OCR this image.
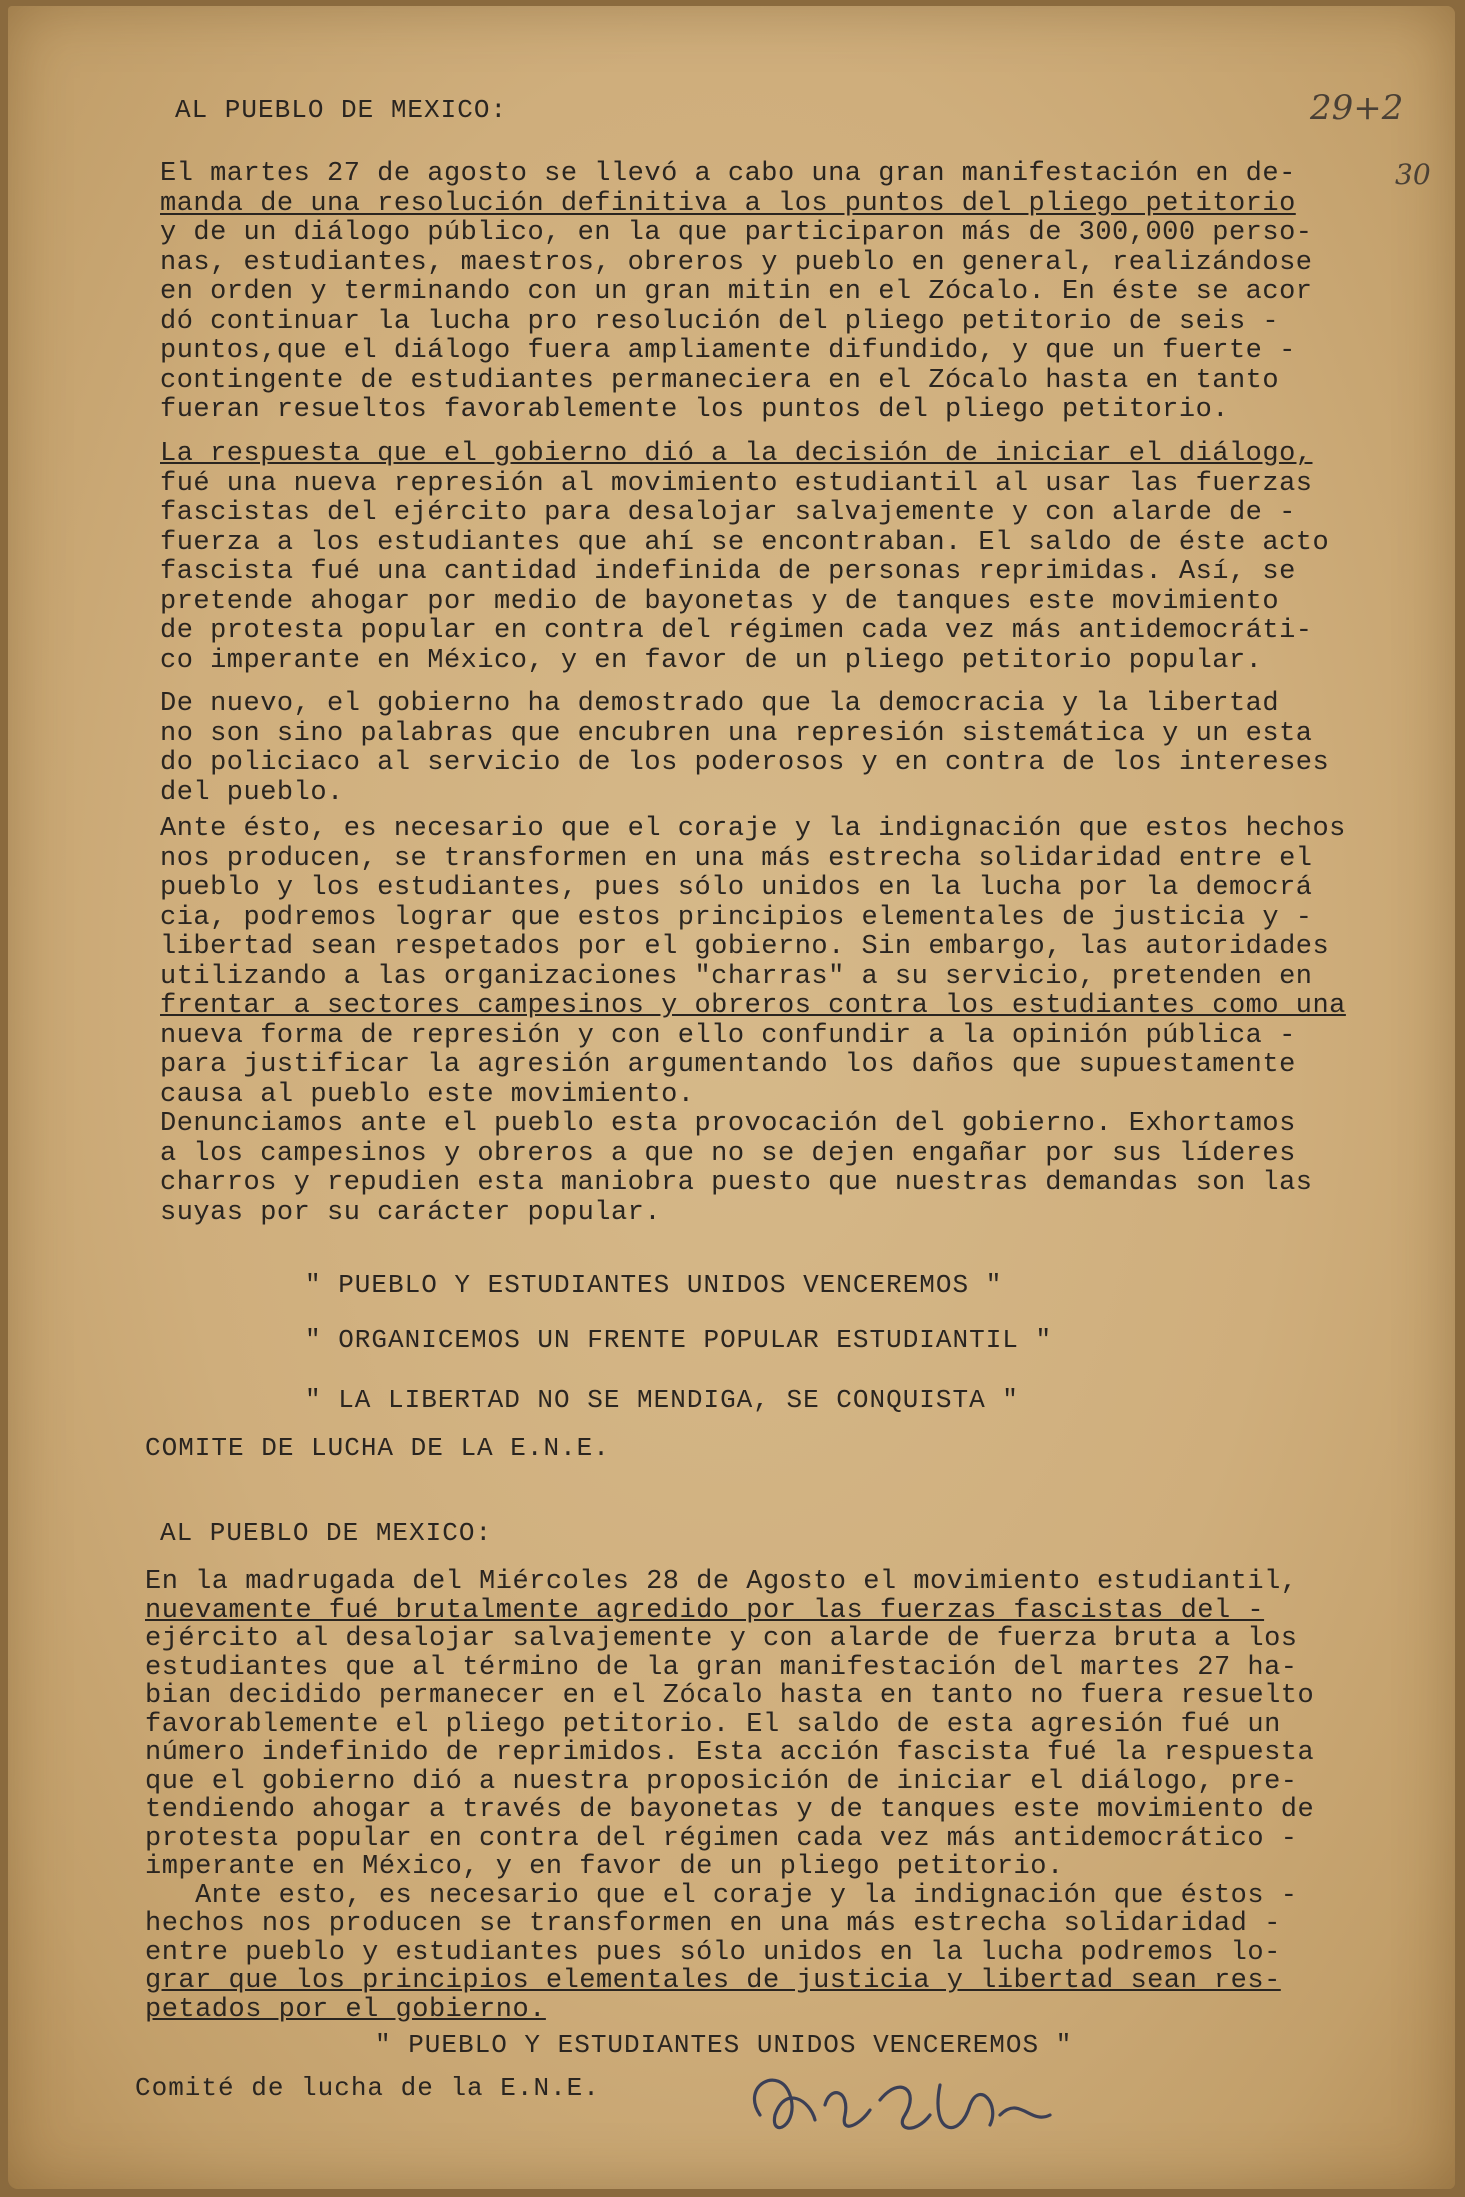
29+2
30
AL PUEBLO DE MEXICO:
El martes 27 de agosto se llevó a cabo una gran manifestación en de-
manda de una resolución definitiva a los puntos del pliego petitorio
y de un diálogo público, en la que participaron más de 300,000 perso-
nas, estudiantes, maestros, obreros y pueblo en general, realizándose
en orden y terminando con un gran mitin en el Zócalo. En éste se acor
dó continuar la lucha pro resolución del pliego petitorio de seis -
puntos,que el diálogo fuera ampliamente difundido, y que un fuerte -
contingente de estudiantes permaneciera en el Zócalo hasta en tanto
fueran resueltos favorablemente los puntos del pliego petitorio.
La respuesta que el gobierno dió a la decisión de iniciar el diálogo,
fué una nueva represión al movimiento estudiantil al usar las fuerzas
fascistas del ejército para desalojar salvajemente y con alarde de -
fuerza a los estudiantes que ahí se encontraban. El saldo de éste acto
fascista fué una cantidad indefinida de personas reprimidas. Así, se
pretende ahogar por medio de bayonetas y de tanques este movimiento
de protesta popular en contra del régimen cada vez más antidemocráti-
co imperante en México, y en favor de un pliego petitorio popular.
De nuevo, el gobierno ha demostrado que la democracia y la libertad
no son sino palabras que encubren una represión sistemática y un esta
do policiaco al servicio de los poderosos y en contra de los intereses
del pueblo.
Ante ésto, es necesario que el coraje y la indignación que estos hechos
nos producen, se transformen en una más estrecha solidaridad entre el
pueblo y los estudiantes, pues sólo unidos en la lucha por la democrá
cia, podremos lograr que estos principios elementales de justicia y -
libertad sean respetados por el gobierno. Sin embargo, las autoridades
utilizando a las organizaciones "charras" a su servicio, pretenden en
frentar a sectores campesinos y obreros contra los estudiantes como una
nueva forma de represión y con ello confundir a la opinión pública -
para justificar la agresión argumentando los daños que supuestamente
causa al pueblo este movimiento.
Denunciamos ante el pueblo esta provocación del gobierno. Exhortamos
a los campesinos y obreros a que no se dejen engañar por sus líderes
charros y repudien esta maniobra puesto que nuestras demandas son las
suyas por su carácter popular.
" PUEBLO Y ESTUDIANTES UNIDOS VENCEREMOS "
" ORGANICEMOS UN FRENTE POPULAR ESTUDIANTIL "
" LA LIBERTAD NO SE MENDIGA, SE CONQUISTA "
COMITE DE LUCHA DE LA E.N.E.
AL PUEBLO DE MEXICO:
En la madrugada del Miércoles 28 de Agosto el movimiento estudiantil,
nuevamente fué brutalmente agredido por las fuerzas fascistas del -
ejército al desalojar salvajemente y con alarde de fuerza bruta a los
estudiantes que al término de la gran manifestación del martes 27 ha-
bian decidido permanecer en el Zócalo hasta en tanto no fuera resuelto
favorablemente el pliego petitorio. El saldo de esta agresión fué un
número indefinido de reprimidos. Esta acción fascista fué la respuesta
que el gobierno dió a nuestra proposición de iniciar el diálogo, pre-
tendiendo ahogar a través de bayonetas y de tanques este movimiento de
protesta popular en contra del régimen cada vez más antidemocrático -
imperante en México, y en favor de un pliego petitorio.
Ante esto, es necesario que el coraje y la indignación que éstos -
hechos nos producen se transformen en una más estrecha solidaridad -
entre pueblo y estudiantes pues sólo unidos en la lucha podremos lo-
grar que los principios elementales de justicia y libertad sean res-
petados por el gobierno.
" PUEBLO Y ESTUDIANTES UNIDOS VENCEREMOS "
Comité de lucha de la E.N.E.
